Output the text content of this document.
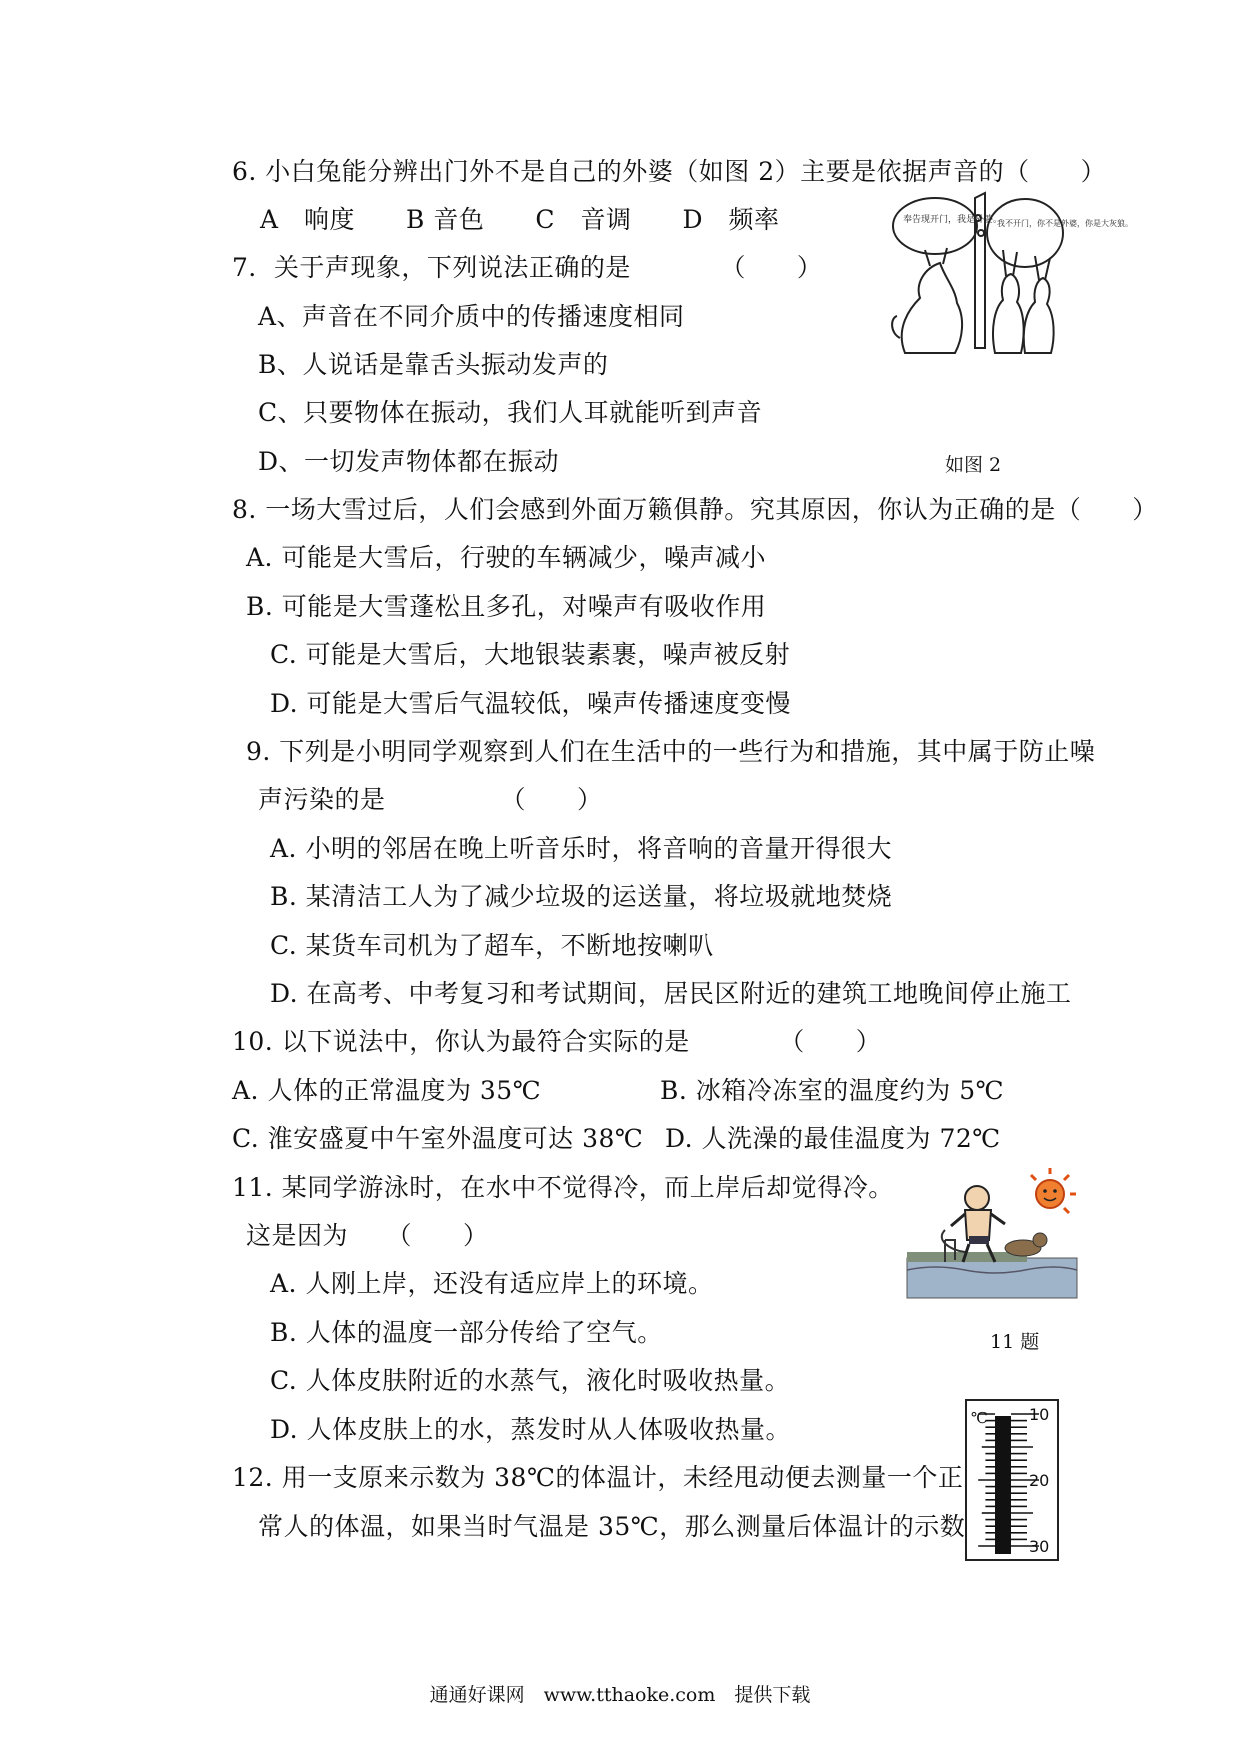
6. 小白兔能分辨出门外不是自己的外婆（如图 2）主要是依据声音的（　　）
A　响度　　B 音色　　C　音调　　D　频率
7．关于声现象，下列说法正确的是　　　　（　　）
A、声音在不同介质中的传播速度相同
B、人说话是靠舌头振动发声的
C、只要物体在振动，我们人耳就能听到声音
D、一切发声物体都在振动
奉告现开门，我是外婆。
我不开门，你不是外婆，你是大灰狼。
如图 2
8. 一场大雪过后，人们会感到外面万籁俱静。究其原因，你认为正确的是（　　）
A. 可能是大雪后，行驶的车辆减少，噪声减小
B. 可能是大雪蓬松且多孔，对噪声有吸收作用
C. 可能是大雪后，大地银装素裹，噪声被反射
D. 可能是大雪后气温较低，噪声传播速度变慢
9. 下列是小明同学观察到人们在生活中的一些行为和措施，其中属于防止噪
声污染的是　　　　　（　　）
A. 小明的邻居在晚上听音乐时，将音响的音量开得很大
B. 某清洁工人为了减少垃圾的运送量，将垃圾就地焚烧
C. 某货车司机为了超车，不断地按喇叭
D. 在高考、中考复习和考试期间，居民区附近的建筑工地晚间停止施工
10. 以下说法中，你认为最符合实际的是　　　　（　　）
A. 人体的正常温度为 35℃	B. 冰箱冷冻室的温度约为 5℃
C. 淮安盛夏中午室外温度可达 38℃ D. 人洗澡的最佳温度为 72℃
11. 某同学游泳时，在水中不觉得冷，而上岸后却觉得冷。
这是因为　　（　　）
A. 人刚上岸，还没有适应岸上的环境。
B. 人体的温度一部分传给了空气。
C. 人体皮肤附近的水蒸气，液化时吸收热量。
D. 人体皮肤上的水，蒸发时从人体吸收热量。
11 题
12. 用一支原来示数为 38℃的体温计，未经甩动便去测量一个正
常人的体温，如果当时气温是 35℃，那么测量后体温计的示数
℃	10
20
30
通通好课网　www.tthaoke.com　提供下载
